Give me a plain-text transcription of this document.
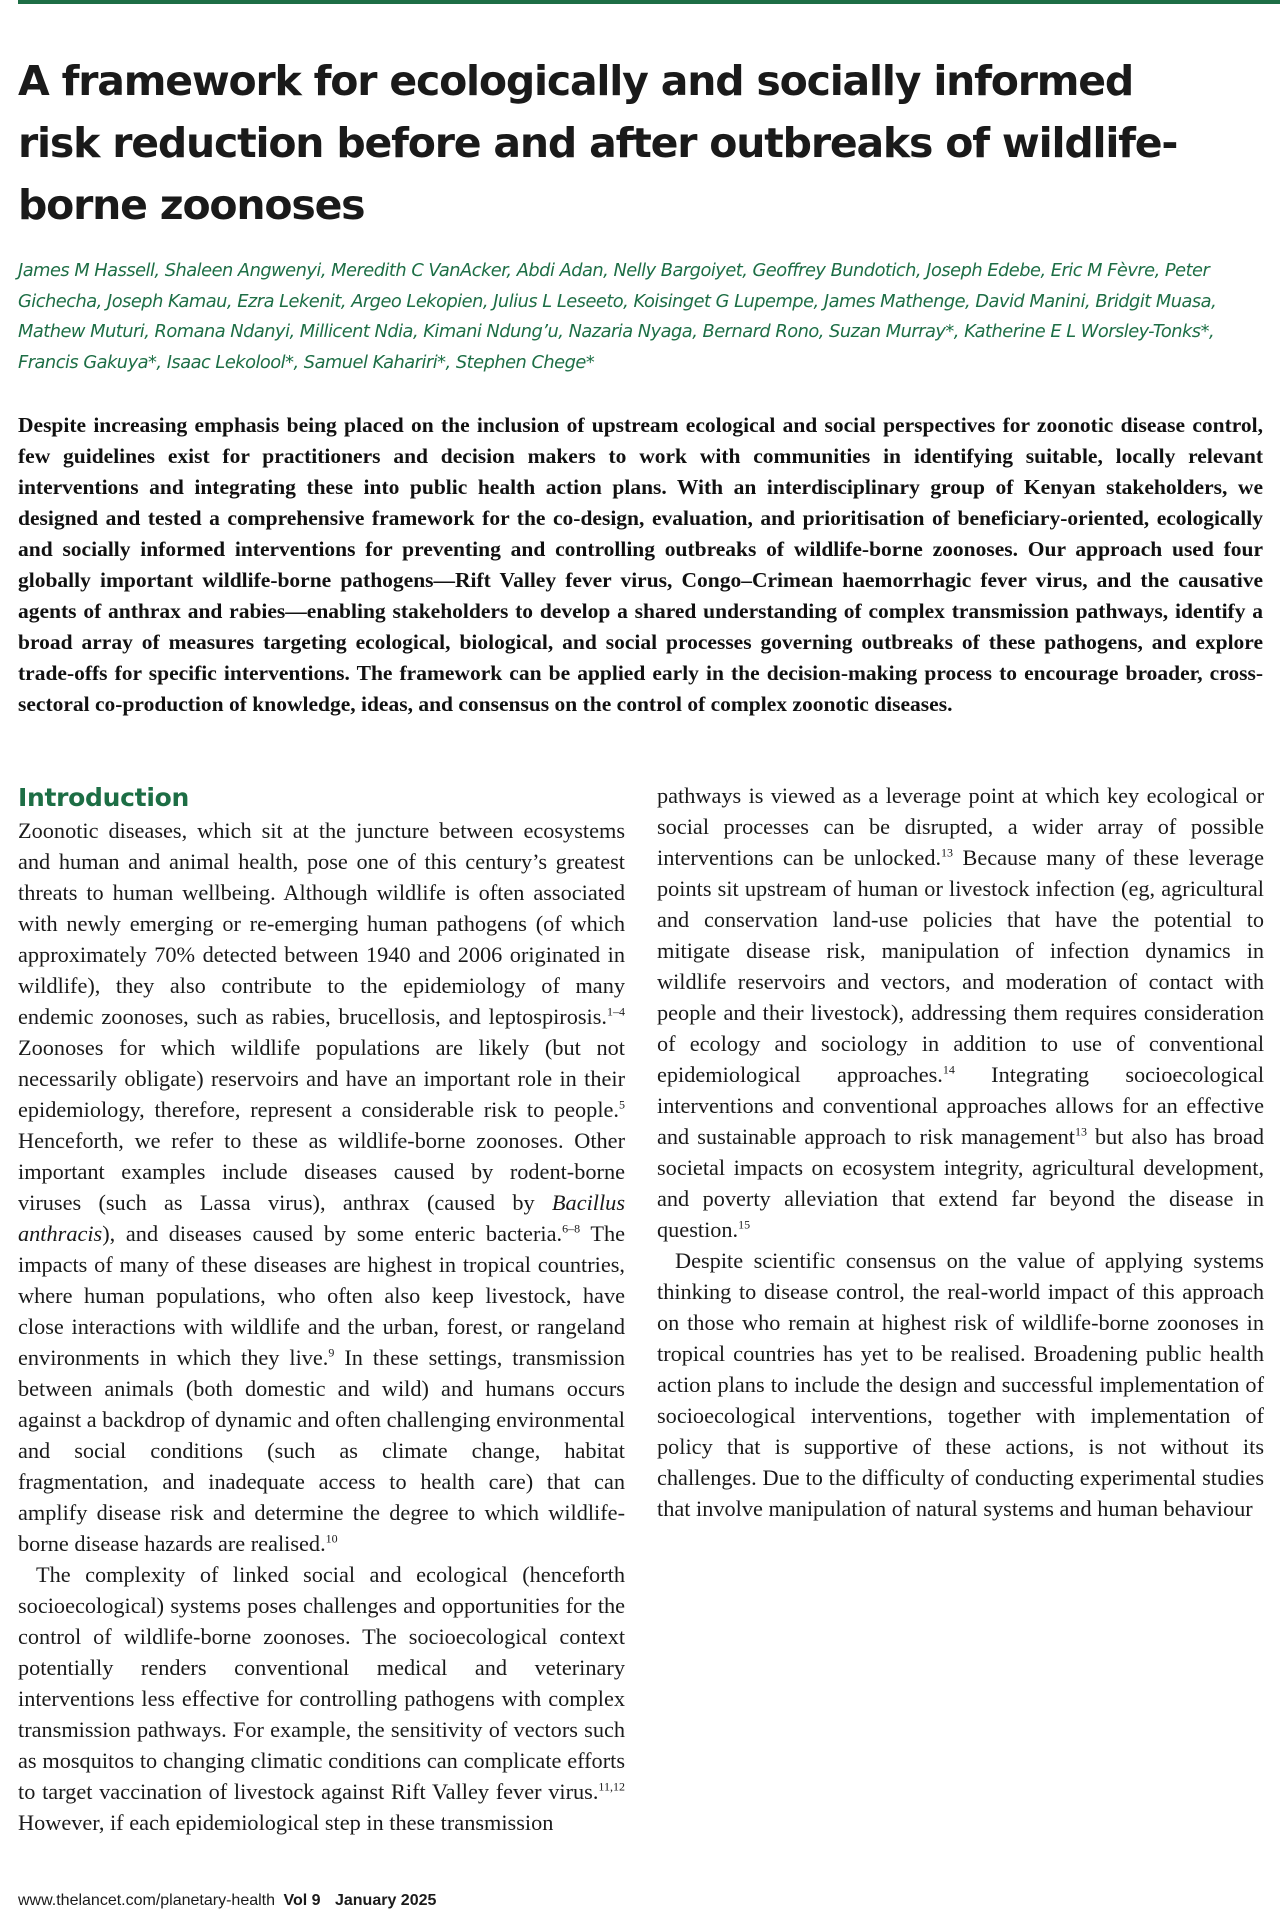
A framework for ecologically and socially informed risk reduction before and after outbreaks of wildlife-borne zoonoses

James M Hassell, Shaleen Angwenyi, Meredith C VanAcker, Abdi Adan, Nelly Bargoiyet, Geoffrey Bundotich, Joseph Edebe, Eric M Fèvre, Peter Gichecha, Joseph Kamau, Ezra Lekenit, Argeo Lekopien, Julius L Leseeto, Koisinget G Lupempe, James Mathenge, David Manini, Bridgit Muasa, Mathew Muturi, Romana Ndanyi, Millicent Ndia, Kimani Ndung’u, Nazaria Nyaga, Bernard Rono, Suzan Murray*, Katherine E L Worsley-Tonks*, Francis Gakuya*, Isaac Lekolool*, Samuel Kahariri*, Stephen Chege*

Despite increasing emphasis being placed on the inclusion of upstream ecological and social perspectives for zoonotic disease control, few guidelines exist for practitioners and decision makers to work with communities in identifying suitable, locally relevant interventions and integrating these into public health action plans. With an interdisciplinary group of Kenyan stakeholders, we designed and tested a comprehensive framework for the co-design, evaluation, and prioritisation of beneficiary-oriented, ecologically and socially informed interventions for preventing and controlling outbreaks of wildlife-borne zoonoses. Our approach used four globally important wildlife-borne pathogens—Rift Valley fever virus, Congo–Crimean haemorrhagic fever virus, and the causative agents of anthrax and rabies—enabling stakeholders to develop a shared understanding of complex transmission pathways, identify a broad array of measures targeting ecological, biological, and social processes governing outbreaks of these pathogens, and explore trade-offs for specific interventions. The framework can be applied early in the decision-making process to encourage broader, cross-sectoral co-production of knowledge, ideas, and consensus on the control of complex zoonotic diseases.

Introduction

Zoonotic diseases, which sit at the juncture between ecosystems and human and animal health, pose one of this century’s greatest threats to human wellbeing. Although wildlife is often associated with newly emerging or re-emerging human pathogens (of which approximately 70% detected between 1940 and 2006 originated in wildlife), they also contribute to the epidemiology of many endemic zoonoses, such as rabies, brucellosis, and leptospirosis.$^{1-4}$ Zoonoses for which wildlife populations are likely (but not necessarily obligate) reservoirs and have an important role in their epidemiology, therefore, represent a considerable risk to people.$^5$ Henceforth, we refer to these as wildlife-borne zoonoses. Other important examples include diseases caused by rodent-borne viruses (such as Lassa virus), anthrax (caused by Bacillus anthracis), and diseases caused by some enteric bacteria.$^{6-8}$ The impacts of many of these diseases are highest in tropical countries, where human populations, who often also keep livestock, have close interactions with wildlife and the urban, forest, or rangeland environments in which they live.$^9$ In these settings, transmission between animals (both domestic and wild) and humans occurs against a backdrop of dynamic and often challenging environmental and social conditions (such as climate change, habitat fragmentation, and inadequate access to health care) that can amplify disease risk and determine the degree to which wildlife-borne disease hazards are realised.$^{10}$

The complexity of linked social and ecological (henceforth socioecological) systems poses challenges and opportunities for the control of wildlife-borne zoonoses. The socioecological context potentially renders conventional medical and veterinary interventions less effective for controlling pathogens with complex transmission pathways. For example, the sensitivity of vectors such as mosquitos to changing climatic conditions can complicate efforts to target vaccination of livestock against Rift Valley fever virus.$^{11,12}$ However, if each epidemiological step in these transmission

pathways is viewed as a leverage point at which key ecological or social processes can be disrupted, a wider array of possible interventions can be unlocked.$^{13}$ Because many of these leverage points sit upstream of human or livestock infection (eg, agricultural and conservation land-use policies that have the potential to mitigate disease risk, manipulation of infection dynamics in wildlife reservoirs and vectors, and moderation of contact with people and their livestock), addressing them requires consideration of ecology and sociology in addition to use of conventional epidemiological approaches.$^{14}$ Integrating socioecological interventions and conventional approaches allows for an effective and sustainable approach to risk management$^{13}$ but also has broad societal impacts on ecosystem integrity, agricultural development, and poverty alleviation that extend far beyond the disease in question.$^{15}$

Despite scientific consensus on the value of applying systems thinking to disease control, the real-world impact of this approach on those who remain at highest risk of wildlife-borne zoonoses in tropical countries has yet to be realised. Broadening public health action plans to include the design and successful implementation of socioecological interventions, together with implementation of policy that is supportive of these actions, is not without its challenges. Due to the difficulty of conducting experimental studies that involve manipulation of natural systems and human behaviour

www.thelancet.com/planetary-health Vol 9 January 2025
